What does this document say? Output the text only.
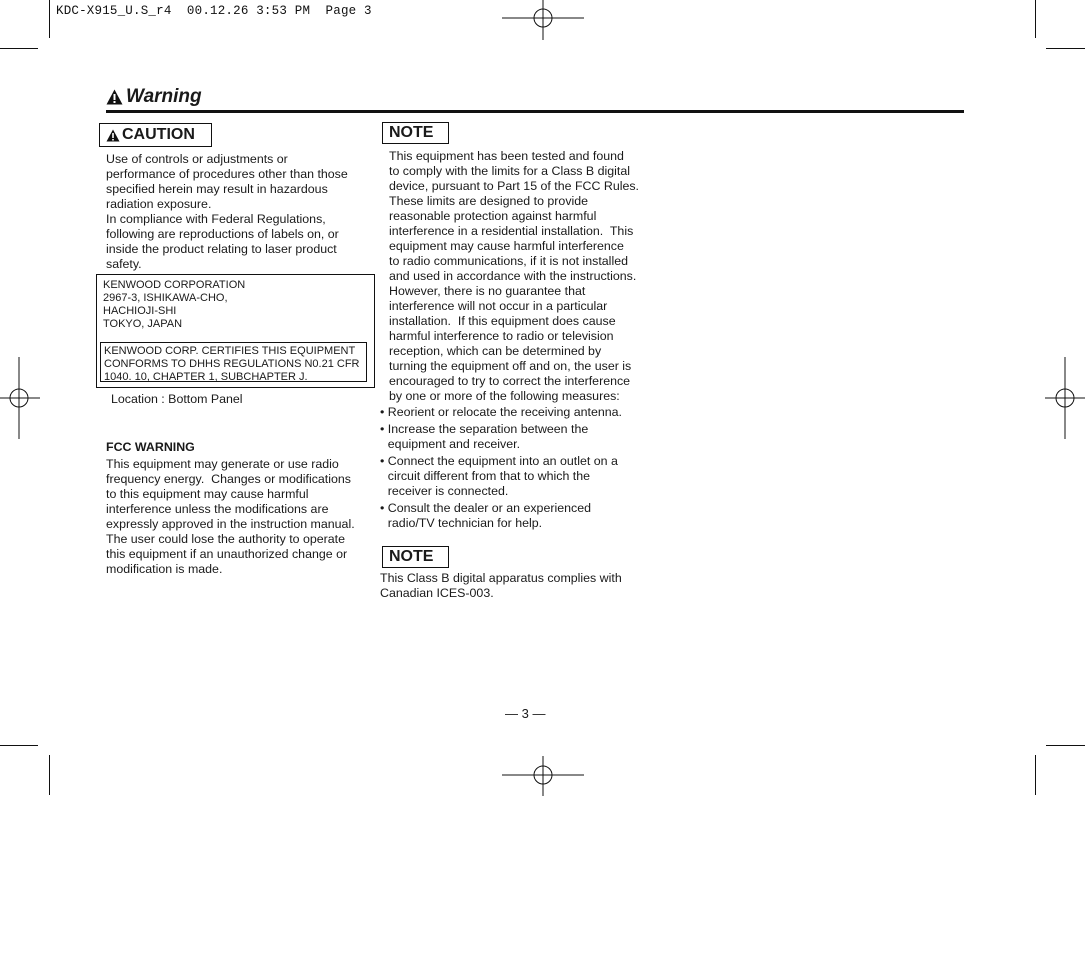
KDC-X915_U.S_r4  00.12.26 3:53 PM  Page 3
Warning
CAUTION
Use of controls or adjustments or
performance of procedures other than those
specified herein may result in hazardous
radiation exposure.
In compliance with Federal Regulations,
following are reproductions of labels on, or
inside the product relating to laser product
safety.
KENWOOD CORPORATION
2967-3, ISHIKAWA-CHO,
HACHIOJI-SHI
TOKYO, JAPAN
KENWOOD CORP. CERTIFIES THIS EQUIPMENT
CONFORMS TO DHHS REGULATIONS N0.21 CFR
1040. 10, CHAPTER 1, SUBCHAPTER J.
Location : Bottom Panel
FCC WARNING
This equipment may generate or use radio
frequency energy.  Changes or modifications
to this equipment may cause harmful
interference unless the modifications are
expressly approved in the instruction manual.
The user could lose the authority to operate
this equipment if an unauthorized change or
modification is made.
NOTE
This equipment has been tested and found
to comply with the limits for a Class B digital
device, pursuant to Part 15 of the FCC Rules.
These limits are designed to provide
reasonable protection against harmful
interference in a residential installation.  This
equipment may cause harmful interference
to radio communications, if it is not installed
and used in accordance with the instructions.
However, there is no guarantee that
interference will not occur in a particular
installation.  If this equipment does cause
harmful interference to radio or television
reception, which can be determined by
turning the equipment off and on, the user is
encouraged to try to correct the interference
by one or more of the following measures:
• Reorient or relocate the receiving antenna.
• Increase the separation between the
equipment and receiver.
• Connect the equipment into an outlet on a
circuit different from that to which the
receiver is connected.
• Consult the dealer or an experienced
radio/TV technician for help.
NOTE
This Class B digital apparatus complies with
Canadian ICES-003.
— 3 —
